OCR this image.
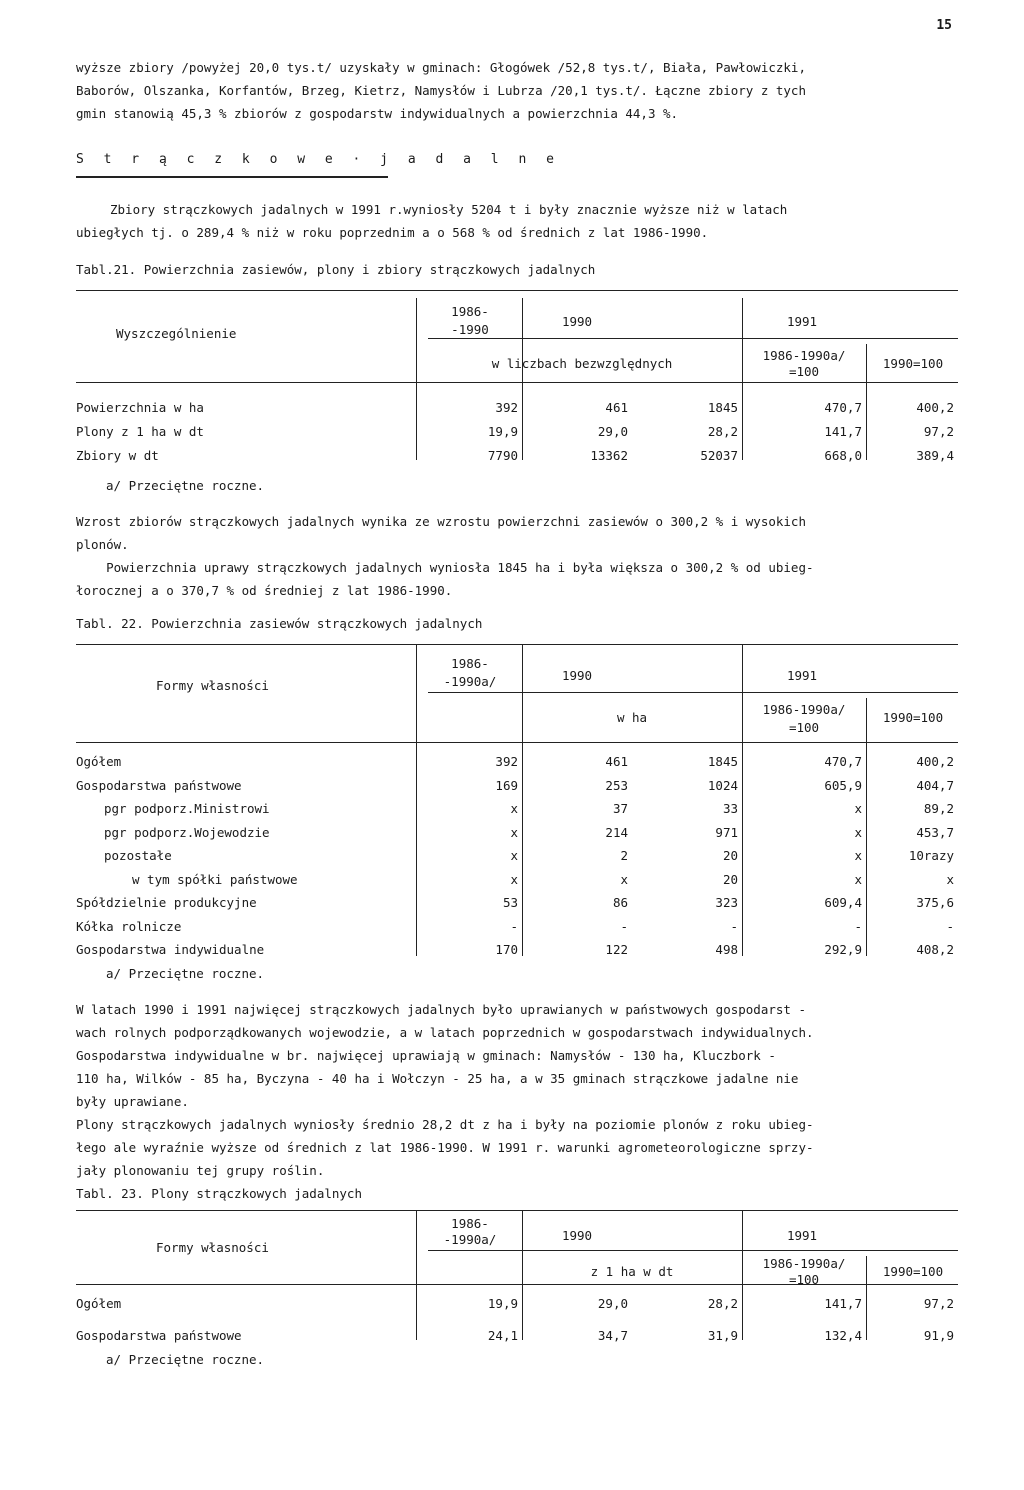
15
wyższe zbiory /powyżej 20,0 tys.t/ uzyskały w gminach: Głogówek /52,8 tys.t/, Biała, Pawłowiczki,
Baborów, Olszanka, Korfantów, Brzeg, Kietrz, Namysłów i Lubrza /20,1 tys.t/. Łączne zbiory z tych
gmin stanowią 45,3 % zbiorów z gospodarstw indywidualnych a powierzchnia 44,3 %.
S t r ą c z k o w e · j a d a l n e
Zbiory strączkowych jadalnych w 1991 r.wyniosły 5204 t i były znacznie wyższe niż w latach
ubiegłych tj. o 289,4 % niż w roku poprzednim a o 568 % od średnich z lat 1986-1990.
Tabl.21. Powierzchnia zasiewów, plony i zbiory strączkowych jadalnych
Wyszczególnienie
1986-
-1990
1990	1991
w liczbach bezwzględnych
1986-1990a/
=100
1990=100
Powierzchnia w ha	392	461	1845	470,7	400,2
Plony z 1 ha w dt	19,9	29,0	28,2	141,7	97,2
Zbiory w dt	7790	13362	52037	668,0	389,4
a/ Przeciętne roczne.
Wzrost zbiorów strączkowych jadalnych wynika ze wzrostu powierzchni zasiewów o 300,2 % i wysokich
plonów.
Powierzchnia uprawy strączkowych jadalnych wyniosła 1845 ha i była większa o 300,2 % od ubieg-
łorocznej a o 370,7 % od średniej z lat 1986-1990.
Tabl. 22. Powierzchnia zasiewów strączkowych jadalnych
Formy własności
1986-
-1990a/	1990	1991
w ha
1986-1990a/
=100
1990=100
Ogółem	392	461	1845	470,7	400,2
Gospodarstwa państwowe	169	253	1024	605,9	404,7
pgr podporz.Ministrowi	x	37	33	x	89,2
pgr podporz.Wojewodzie	x	214	971	x	453,7
pozostałe	x	2	20	x	10razy
w tym spółki państwowe	x	x	20	x	x
Spółdzielnie produkcyjne	53	86	323	609,4	375,6
Kółka rolnicze	-	-	-	-	-
Gospodarstwa indywidualne	170	122	498	292,9	408,2
a/ Przeciętne roczne.
W latach 1990 i 1991 najwięcej strączkowych jadalnych było uprawianych w państwowych gospodarst -
wach rolnych podporządkowanych wojewodzie, a w latach poprzednich w gospodarstwach indywidualnych.
Gospodarstwa indywidualne w br. najwięcej uprawiają w gminach: Namysłów - 130 ha, Kluczbork -
110 ha, Wilków - 85 ha, Byczyna - 40 ha i Wołczyn - 25 ha, a w 35 gminach strączkowe jadalne nie
były uprawiane.
Plony strączkowych jadalnych wyniosły średnio 28,2 dt z ha i były na poziomie plonów z roku ubieg-
łego ale wyraźnie wyższe od średnich z lat 1986-1990. W 1991 r. warunki agrometeorologiczne sprzy-
jały plonowaniu tej grupy roślin.
Tabl. 23. Plony strączkowych jadalnych
Formy własności
1986-
-1990a/	1990	1991
z 1 ha w dt
1986-1990a/
=100
1990=100
Ogółem	19,9	29,0	28,2	141,7	97,2
Gospodarstwa państwowe	24,1	34,7	31,9	132,4	91,9
a/ Przeciętne roczne.
